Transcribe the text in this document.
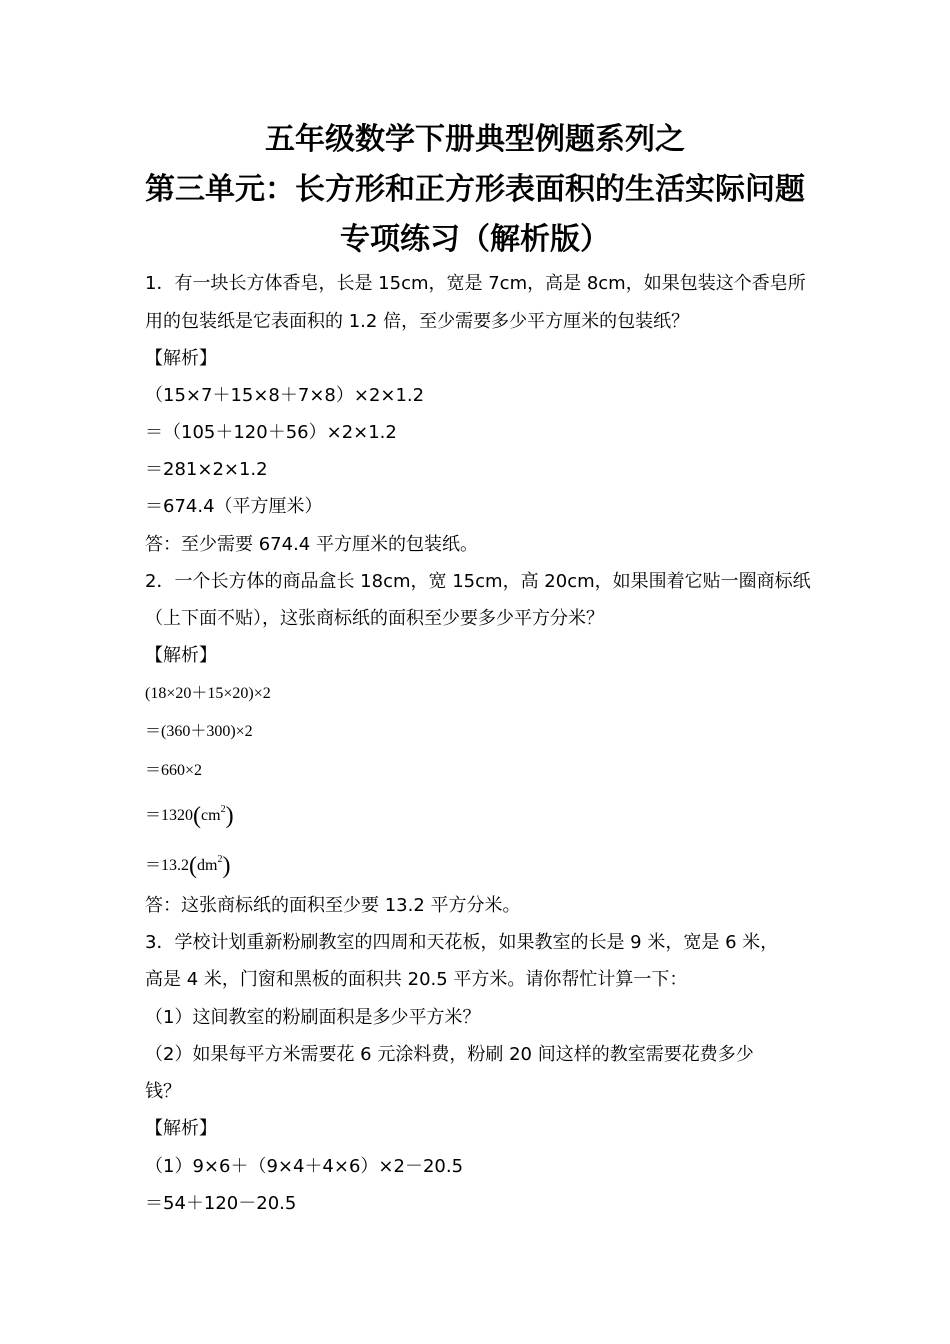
五年级数学下册典型例题系列之
第三单元：长方形和正方形表面积的生活实际问题
专项练习（解析版）
1．有一块长方体香皂，长是 15cm，宽是 7cm，高是 8cm，如果包装这个香皂所
用的包装纸是它表面积的 1.2 倍，至少需要多少平方厘米的包装纸？
【解析】
（15×7＋15×8＋7×8）×2×1.2
＝（105＋120＋56）×2×1.2
＝281×2×1.2
＝674.4（平方厘米）
答：至少需要 674.4 平方厘米的包装纸。
2．一个长方体的商品盒长 18cm，宽 15cm，高 20cm，如果围着它贴一圈商标纸
（上下面不贴），这张商标纸的面积至少要多少平方分米？
【解析】
(18×20＋15×20)×2
＝(360＋300)×2
＝660×2
$=1320(cm^2)$
$=13.2(dm^2)$
答：这张商标纸的面积至少要 13.2 平方分米。
3．学校计划重新粉刷教室的四周和天花板，如果教室的长是 9 米，宽是 6 米，
高是 4 米，门窗和黑板的面积共 20.5 平方米。请你帮忙计算一下：
（1）这间教室的粉刷面积是多少平方米？
（2）如果每平方米需要花 6 元涂料费，粉刷 20 间这样的教室需要花费多少
钱？
【解析】
（1）9×6＋（9×4＋4×6）×2－20.5
＝54＋120－20.5
